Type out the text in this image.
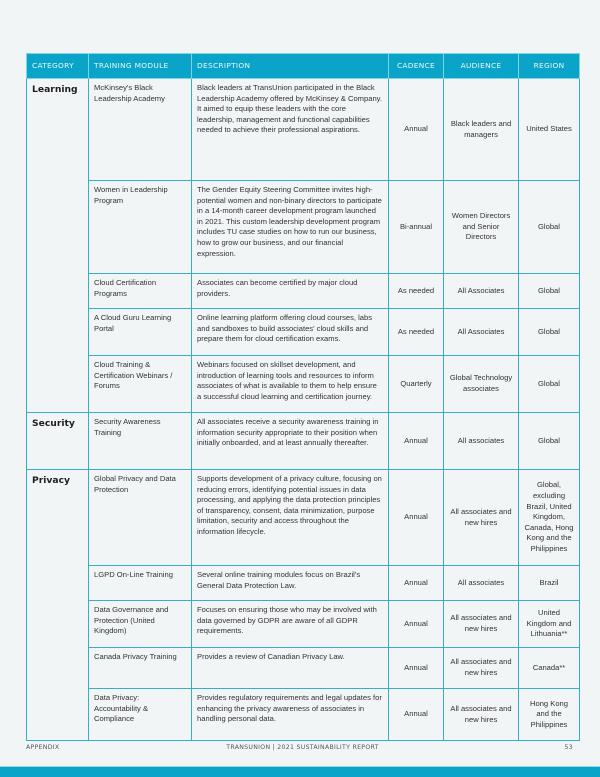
CATEGORY	TRAINING MODULE	DESCRIPTION	CADENCE	AUDIENCE	REGION
Learning	McKinsey's Black Leadership Academy	Black leaders at TransUnion participated in the Black Leadership Academy offered by McKinsey & Company. It aimed to equip these leaders with the core leadership, management and functional capabilities needed to achieve their professional aspirations.	Annual	Black leaders and managers	United States
	Women in Leadership Program	The Gender Equity Steering Committee invites high-potential women and non-binary directors to participate in a 14-month career development program launched in 2021. This custom leadership development program includes TU case studies on how to run our business, how to grow our business, and our financial expression.	Bi-annual	Women Directors and Senior Directors	Global
	Cloud Certification Programs	Associates can become certified by major cloud providers.	As needed	All Associates	Global
	A Cloud Guru Learning Portal	Online learning platform offering cloud courses, labs and sandboxes to build associates' cloud skills and prepare them for cloud certification exams.	As needed	All Associates	Global
	Cloud Training & Certification Webinars / Forums	Webinars focused on skillset development, and introduction of learning tools and resources to inform associates of what is available to them to help ensure a successful cloud learning and certification journey.	Quarterly	Global Technology associates	Global
Security	Security Awareness Training	All associates receive a security awareness training in information security appropriate to their position when initially onboarded, and at least annually thereafter.	Annual	All associates	Global
Privacy	Global Privacy and Data Protection	Supports development of a privacy culture, focusing on reducing errors, identifying potential issues in data processing, and applying the data protection principles of transparency, consent, data minimization, purpose limitation, security and access throughout the information lifecycle.	Annual	All associates and new hires	Global, excluding Brazil, United Kingdom, Canada, Hong Kong and the Philippines
	LGPD On-Line Training	Several online training modules focus on Brazil's General Data Protection Law.	Annual	All associates	Brazil
	Data Governance and Protection (United Kingdom)	Focuses on ensuring those who may be involved with data governed by GDPR are aware of all GDPR requirements.	Annual	All associates and new hires	United Kingdom and Lithuania**
	Canada Privacy Training	Provides a review of Canadian Privacy Law.	Annual	All associates and new hires	Canada**
	Data Privacy: Accountability & Compliance	Provides regulatory requirements and legal updates for enhancing the privacy awareness of associates in handling personal data.	Annual	All associates and new hires	Hong Kong and the Philippines
APPENDIX	TRANSUNION | 2021 SUSTAINABILITY REPORT	53
